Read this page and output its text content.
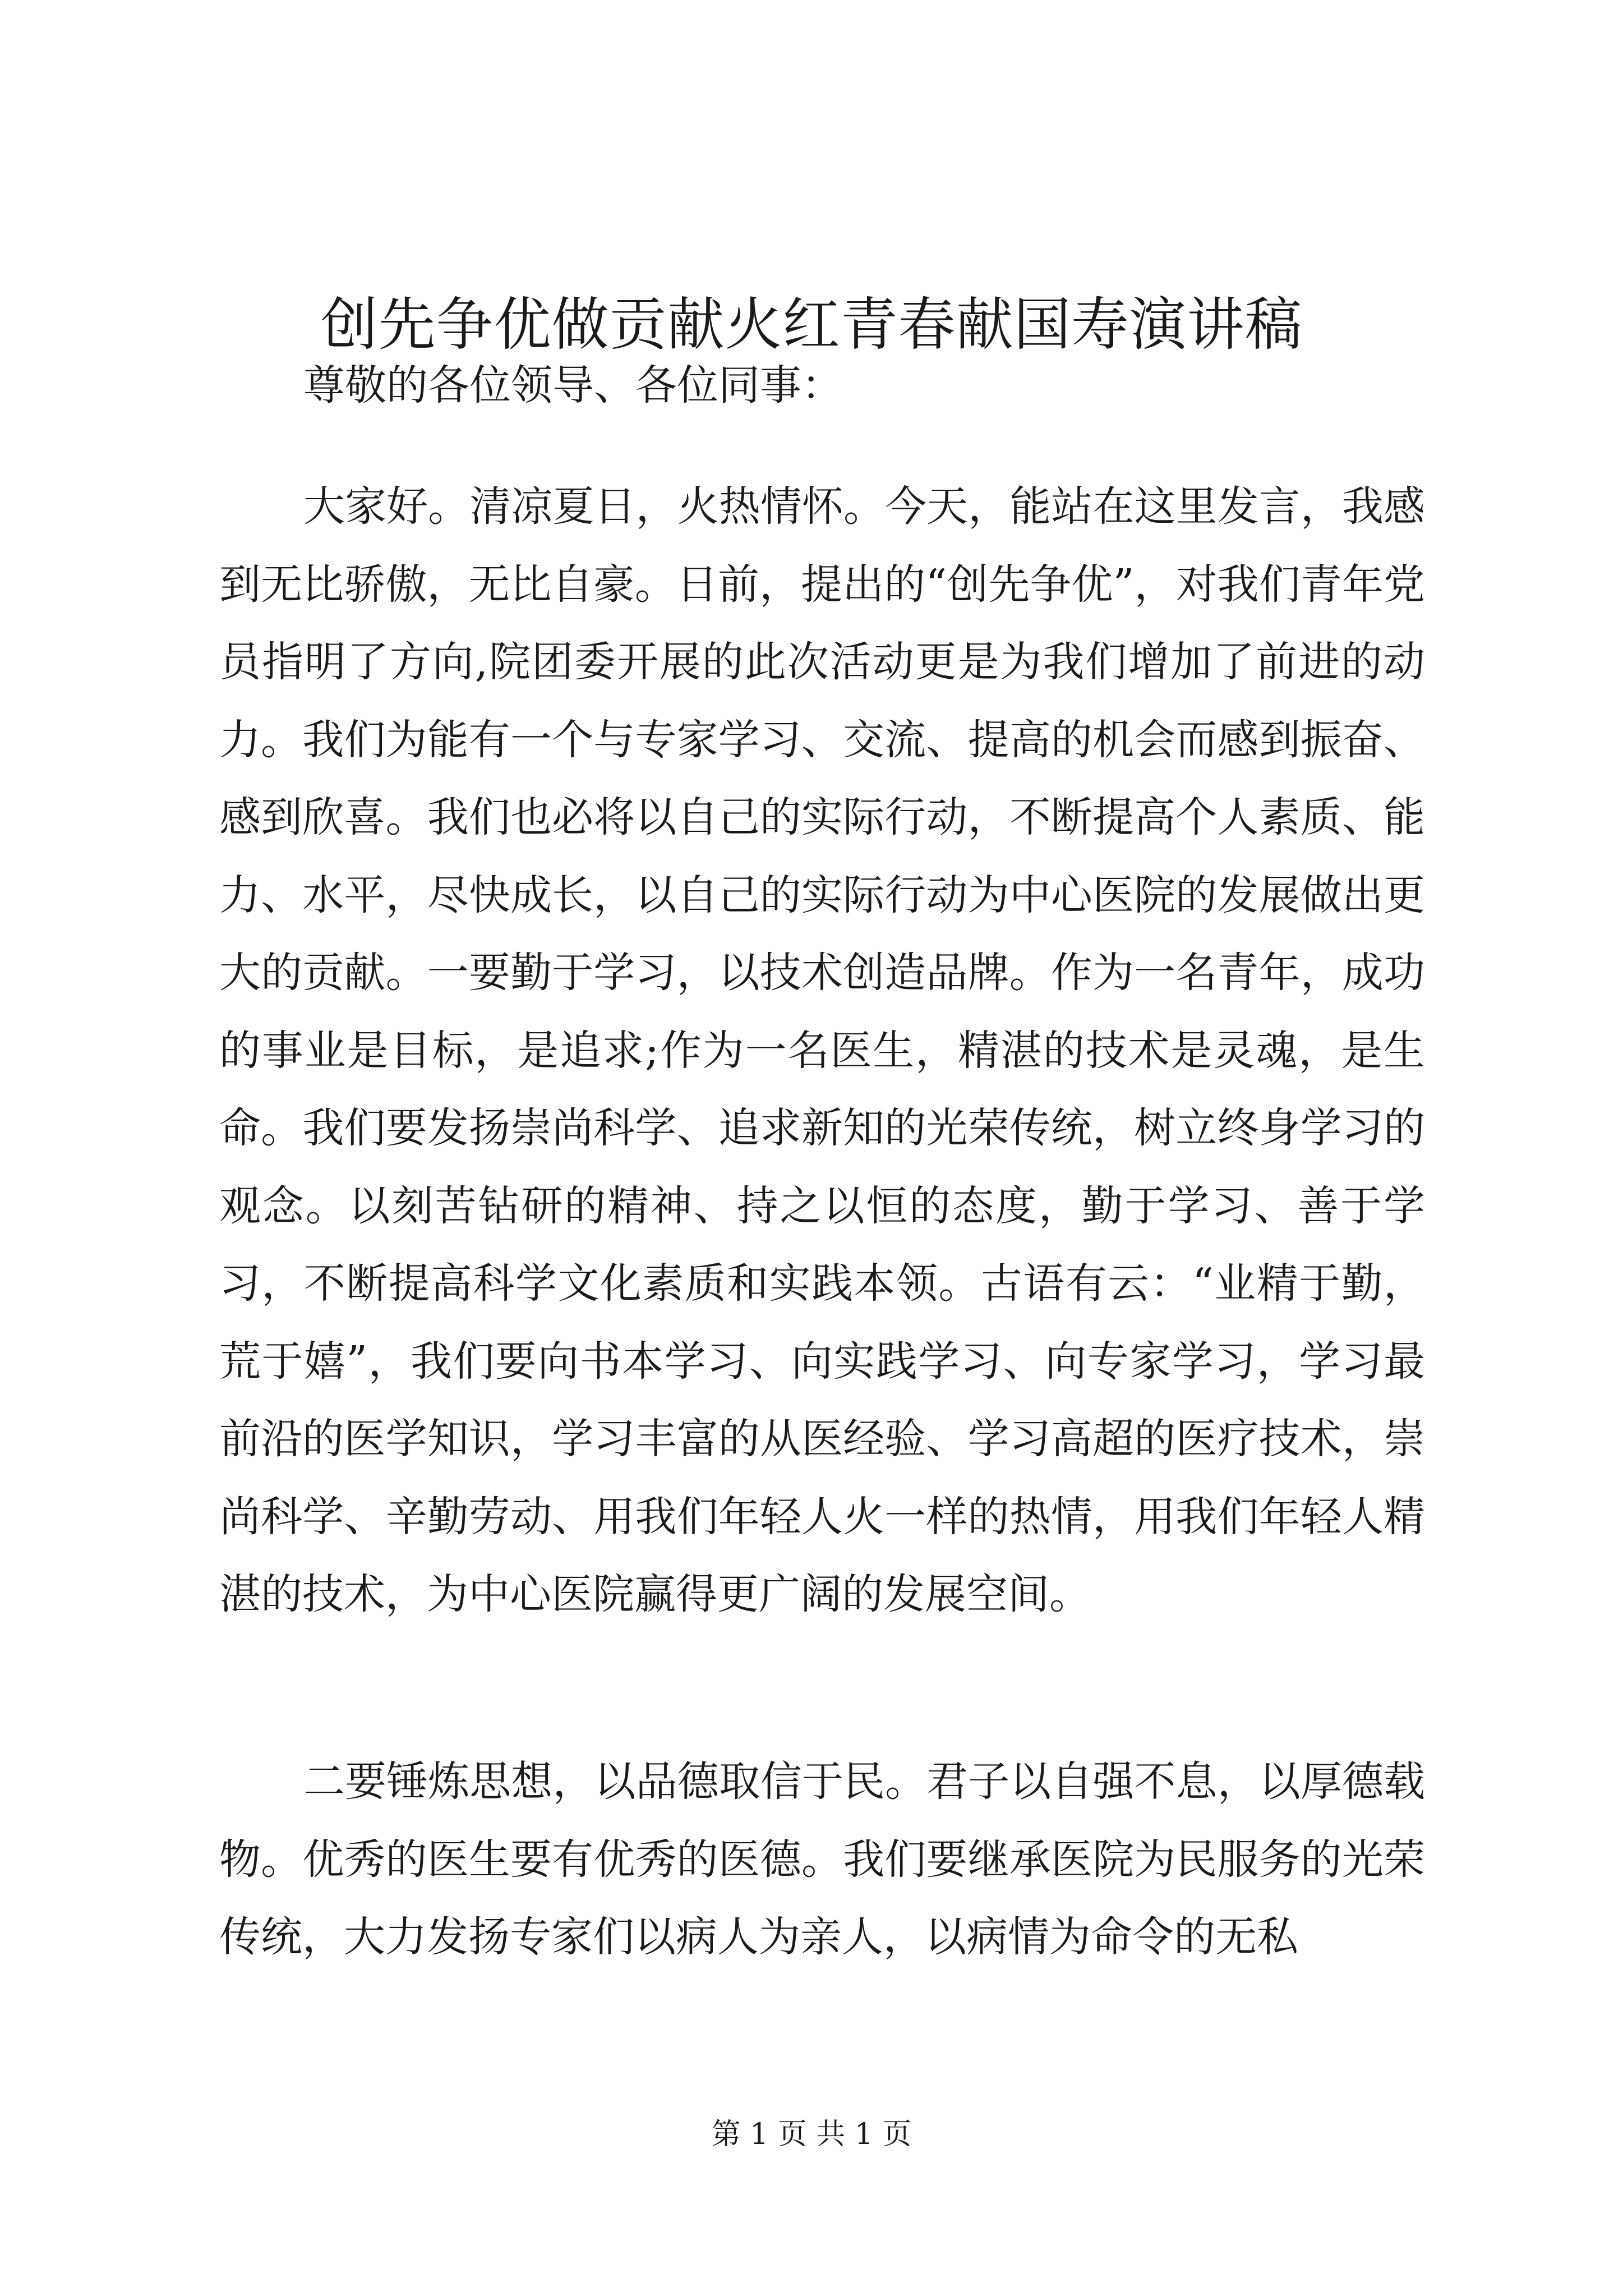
创先争优做贡献火红青春献国寿演讲稿

尊敬的各位领导、各位同事：

大家好。清凉夏日，火热情怀。今天，能站在这里发言，我感到无比骄傲，无比自豪。日前，提出的“创先争优”，对我们青年党员指明了方向,院团委开展的此次活动更是为我们增加了前进的动力。我们为能有一个与专家学习、交流、提高的机会而感到振奋、感到欣喜。我们也必将以自己的实际行动，不断提高个人素质、能力、水平，尽快成长，以自己的实际行动为中心医院的发展做出更大的贡献。一要勤于学习，以技术创造品牌。作为一名青年，成功的事业是目标，是追求;作为一名医生，精湛的技术是灵魂，是生命。我们要发扬崇尚科学、追求新知的光荣传统，树立终身学习的观念。以刻苦钻研的精神、持之以恒的态度，勤于学习、善于学习，不断提高科学文化素质和实践本领。古语有云：“业精于勤，荒于嬉”，我们要向书本学习、向实践学习、向专家学习，学习最前沿的医学知识，学习丰富的从医经验、学习高超的医疗技术，崇尚科学、辛勤劳动、用我们年轻人火一样的热情，用我们年轻人精湛的技术，为中心医院赢得更广阔的发展空间。

二要锤炼思想，以品德取信于民。君子以自强不息，以厚德载物。优秀的医生要有优秀的医德。我们要继承医院为民服务的光荣传统，大力发扬专家们以病人为亲人，以病情为命令的无私

第 1 页 共 1 页
